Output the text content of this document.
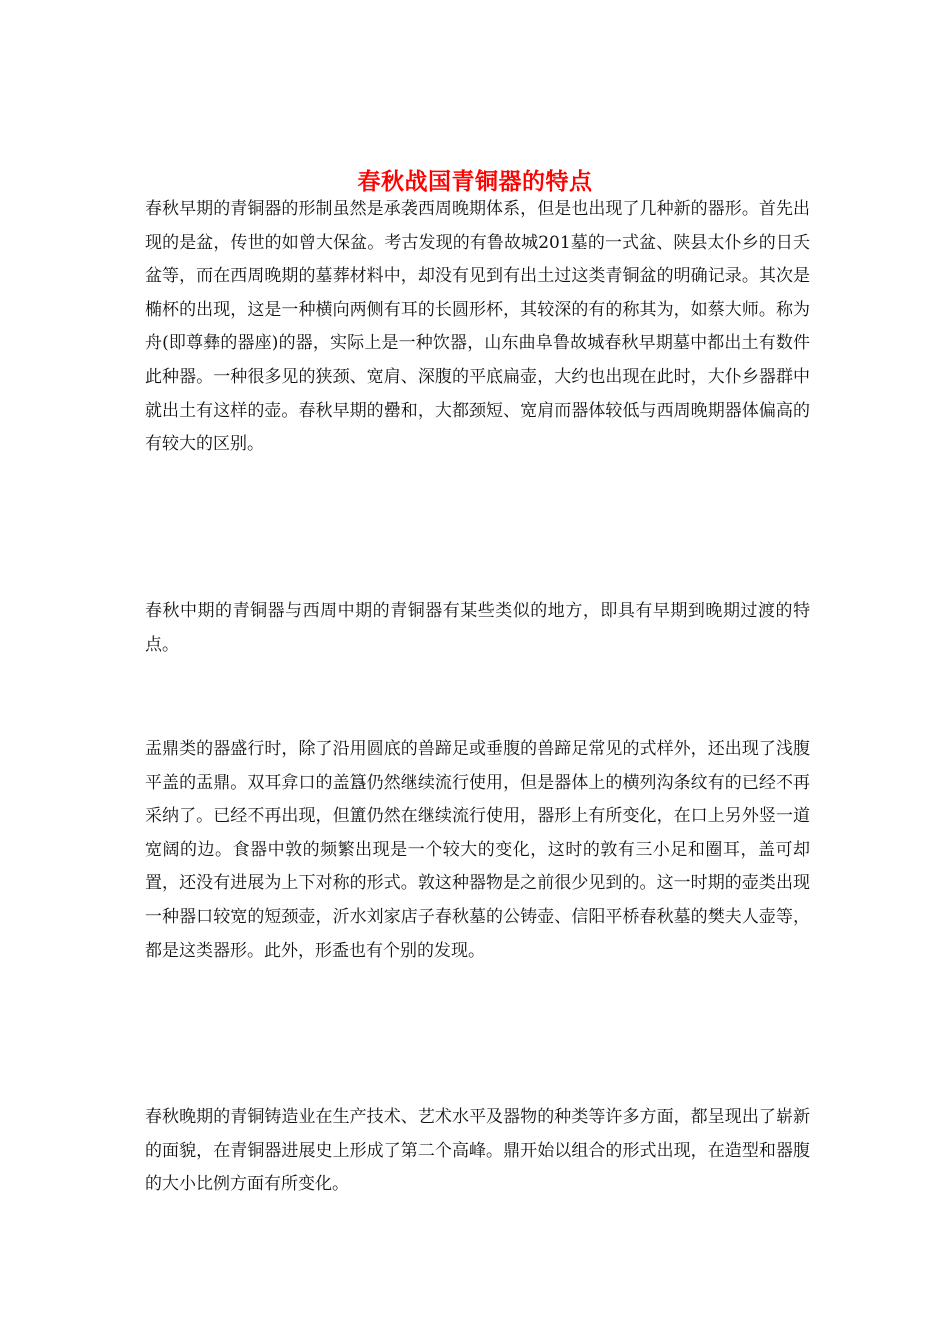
春秋战国青铜器的特点

春秋早期的青铜器的形制虽然是承袭西周晚期体系，但是也出现了几种新的器形。首先出现的是盆，传世的如曾大保盆。考古发现的有鲁故城201墓的一式盆、陕县太仆乡的日夭盆等，而在西周晚期的墓葬材料中，却没有见到有出土过这类青铜盆的明确记录。其次是椭杯的出现，这是一种横向两侧有耳的长圆形杯，其较深的有的称其为，如蔡大师。称为舟(即尊彝的器座)的器，实际上是一种饮器，山东曲阜鲁故城春秋早期墓中都出土有数件此种器。一种很多见的狭颈、宽肩、深腹的平底扁壶，大约也出现在此时，大仆乡器群中就出土有这样的壶。春秋早期的罍和，大都颈短、宽肩而器体较低与西周晚期器体偏高的有较大的区别。

春秋中期的青铜器与西周中期的青铜器有某些类似的地方，即具有早期到晚期过渡的特点。

盂鼎类的器盛行时，除了沿用圆底的兽蹄足或垂腹的兽蹄足常见的式样外，还出现了浅腹平盖的盂鼎。双耳弇口的盖簋仍然继续流行使用，但是器体上的横列沟条纹有的已经不再采纳了。已经不再出现，但簠仍然在继续流行使用，器形上有所变化，在口上另外竖一道宽阔的边。食器中敦的频繁出现是一个较大的变化，这时的敦有三小足和圈耳，盖可却置，还没有进展为上下对称的形式。敦这种器物是之前很少见到的。这一时期的壶类出现一种器口较宽的短颈壶，沂水刘家店子春秋墓的公铸壶、信阳平桥春秋墓的樊夫人壶等，都是这类器形。此外，形盉也有个别的发现。

春秋晚期的青铜铸造业在生产技术、艺术水平及器物的种类等许多方面，都呈现出了崭新的面貌，在青铜器进展史上形成了第二个高峰。鼎开始以组合的形式出现，在造型和器腹的大小比例方面有所变化。
